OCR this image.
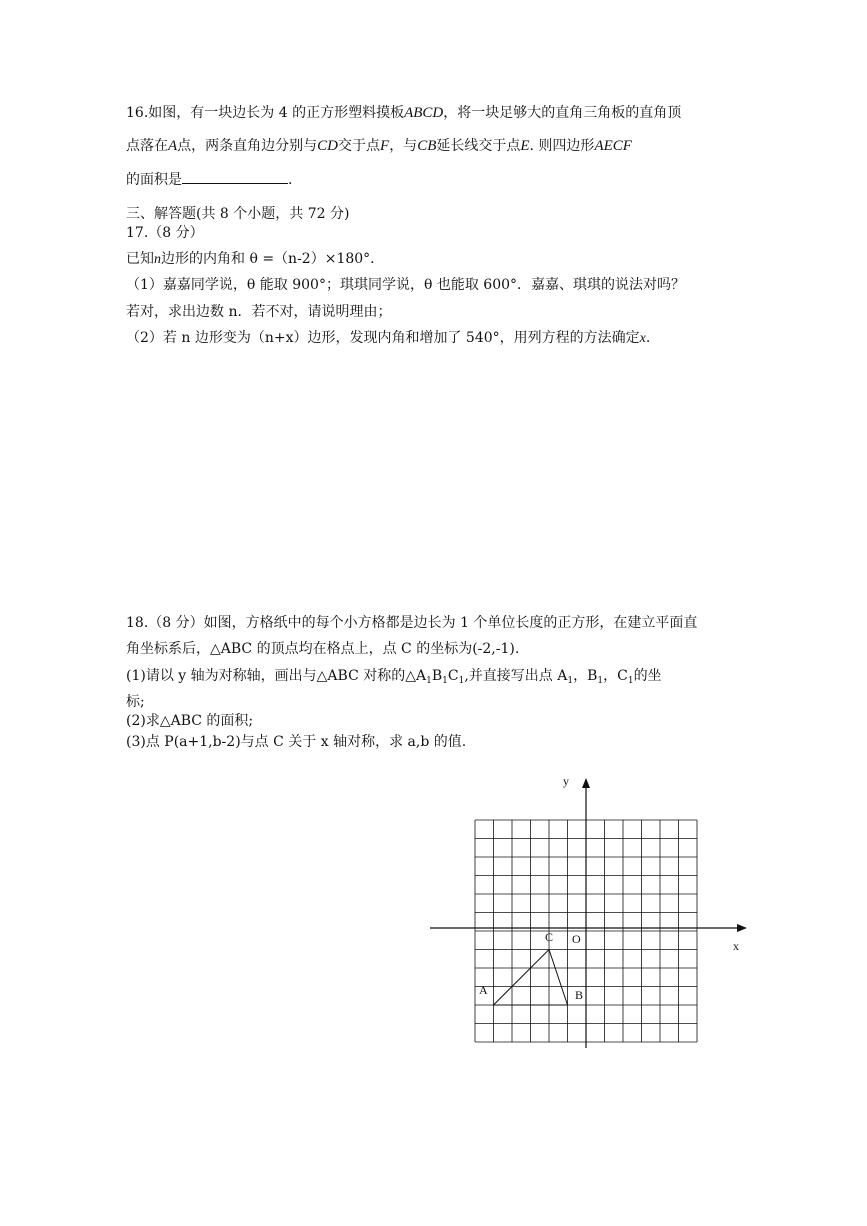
16.如图，有一块边长为 4 的正方形塑料摸板ABCD，将一块足够大的直角三角板的直角顶
点落在A点，两条直角边分别与CD交于点F，与CB延长线交于点E. 则四边形AECF
的面积是	.
三、解答题(共 8 个小题，共 72 分)
17.（8 分）
已知n边形的内角和 θ =（n-2）×180°．
（1）嘉嘉同学说，θ 能取 900°；琪琪同学说，θ 也能取 600°．嘉嘉、琪琪的说法对吗？
若对，求出边数 n．若不对，请说明理由；
（2）若 n 边形变为（n+x）边形，发现内角和增加了 540°，用列方程的方法确定x.
18.（8 分）如图，方格纸中的每个小方格都是边长为 1 个单位长度的正方形，在建立平面直
角坐标系后，△ABC 的顶点均在格点上，点 C 的坐标为(-2,-1).
(1)请以 y 轴为对称轴，画出与△ABC 对称的$\triangle A_1B_1C_1$,并直接写出点 $A_1$，$B_1$，$C_1$的坐
标;
(2)求△ABC 的面积;
(3)点 P(a+1,b-2)与点 C 关于 x 轴对称，求 a,b 的值.
y
x
O
A	B
C
